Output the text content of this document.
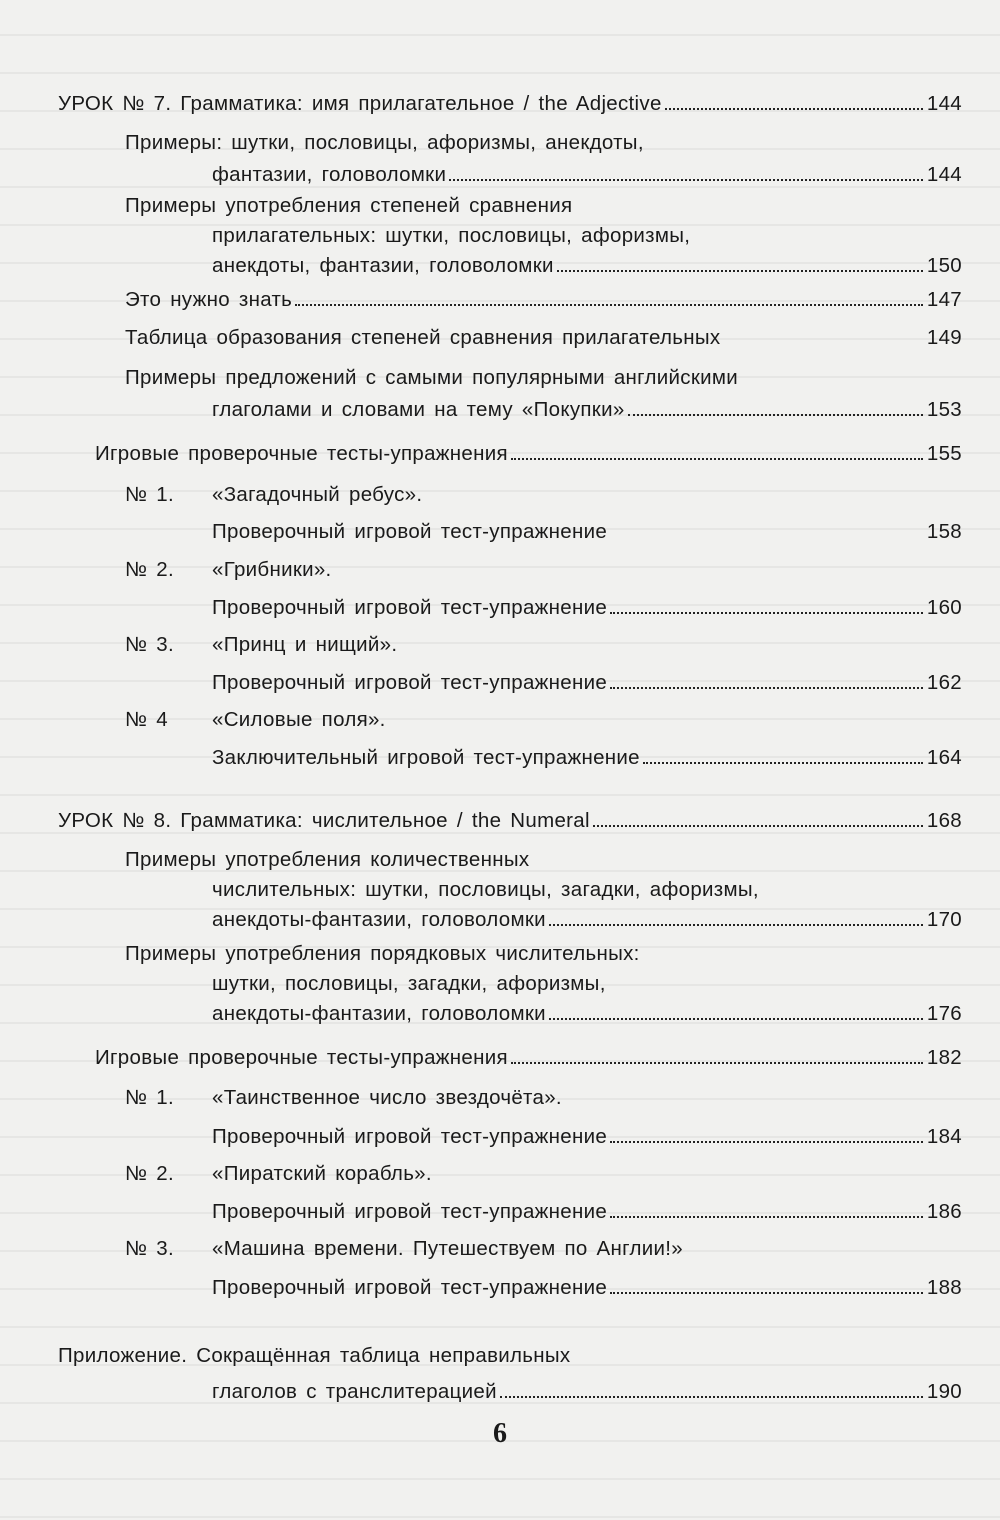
УРОК № 7. Грамматика: имя прилагательное / the Adjective	144
Примеры: шутки, пословицы, афоризмы, анекдоты,
фантазии, головоломки	144
Примеры употребления степеней сравнения
прилагательных: шутки, пословицы, афоризмы,
анекдоты, фантазии, головоломки	150
Это нужно знать	147
Таблица образования степеней сравнения прилагательных	149
Примеры предложений с самыми популярными английскими
глаголами и словами на тему «Покупки»	153
Игровые проверочные тесты-упражнения	155
№ 1. «Загадочный ребус».
Проверочный игровой тест-упражнение	158
№ 2. «Грибники».
Проверочный игровой тест-упражнение	160
№ 3. «Принц и нищий».
Проверочный игровой тест-упражнение	162
№ 4 «Силовые поля».
Заключительный игровой тест-упражнение	164
УРОК № 8. Грамматика: числительное / the Numeral	168
Примеры употребления количественных
числительных: шутки, пословицы, загадки, афоризмы,
анекдоты-фантазии, головоломки	170
Примеры употребления порядковых числительных:
шутки, пословицы, загадки, афоризмы,
анекдоты-фантазии, головоломки	176
Игровые проверочные тесты-упражнения	182
№ 1. «Таинственное число звездочёта».
Проверочный игровой тест-упражнение	184
№ 2. «Пиратский корабль».
Проверочный игровой тест-упражнение	186
№ 3. «Машина времени. Путешествуем по Англии!»
Проверочный игровой тест-упражнение	188
Приложение. Сокращённая таблица неправильных
глаголов с транслитерацией	190
6
